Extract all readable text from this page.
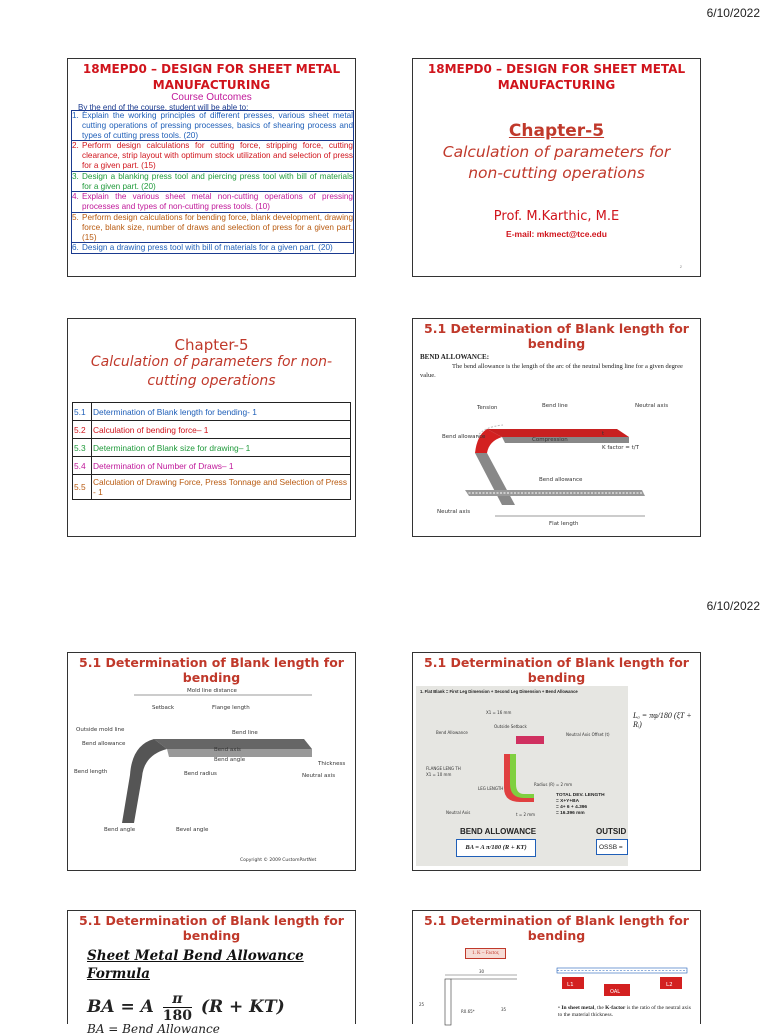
6/10/2022
6/10/2022
18MEPD0 – DESIGN FOR SHEET METAL MANUFACTURING
Course Outcomes
By the end of the course, student will be able to:
1. Explain the working principles of different presses, various sheet metal cutting operations of pressing processes, basics of shearing process and types of cutting press tools. (20)
2. Perform design calculations for cutting force, stripping force, cutting clearance, strip layout with optimum stock utilization and selection of press for a given part. (15)
3. Design a blanking press tool and piercing press tool with bill of materials for a given part. (20)
4. Explain the various sheet metal non-cutting operations of pressing processes and types of non-cutting press tools. (10)
5. Perform design calculations for bending force, blank development, drawing force, blank size, number of draws and selection of press for a given part. (15)
6. Design a drawing press tool with bill of materials for a given part. (20)
18MEPD0 – DESIGN FOR SHEET METAL MANUFACTURING
Chapter-5
Calculation of parameters for non-cutting operations
Prof. M.Karthic, M.E
E-mail: mkmect@tce.edu
2
Chapter-5
Calculation of parameters for non-cutting operations
5.1	Determination of Blank length for bending- 1
5.2	Calculation of bending force– 1
5.3	Determination of Blank size for drawing– 1
5.4	Determination of Number of Draws– 1
5.5	Calculation of Drawing Force, Press Tonnage and Selection of Press - 1
5.1 Determination of Blank length for bending
BEND ALLOWANCE:
The bend allowance is the length of the arc of the neutral bending line for a given degree value.
Tension	Bend line	Neutral axis
Bend allowance	Compression
t
K factor = t/T
Bend allowance
Neutral axis
Flat length
5.1 Determination of Blank length for bending
Mold line distance
Setback	Flange length
Outside mold line
Bend allowance
Bend line
Bend axis
Bend angle
Thickness
Bend length	Bend radius	Neutral axis
Bend angle	Bevel angle
Copyright © 2009 CustomPartNet
5.1 Determination of Blank length for bending
1. Flat Blank = First Leg Dimension + Second Leg Dimension + Bend Allowance
X1 = 16 mm
Outside Setback
Bend Allowance	Neutral Axis Offset (t)
FLANGE LENG TH
X1 = 10 mm
LEG LENGTH
Radius (R) = 2 mm
Neutral Axis	t = 2 mm
TOTAL DEV. LENGTH
= X+Y+BA
= 4+ 6 + 4.396
= 16.396 mm
BEND ALLOWANCE	OUTSID
BA = A π/180 (R + KT)	OSSB =
Lₐ = πφ/180 (ξT + Rᵢ)
5.1 Determination of Blank length for bending
Sheet Metal Bend Allowance Formula
BA = A $\frac{\pi}{180} (R + KT)$
BA = Bend Allowance
5.1 Determination of Blank length for bending
1. K – Factor,
30
25
35
R0.65*
L1
OAL
L2
• In sheet metal, the K-factor is the ratio of the neutral axis to the material thickness.
